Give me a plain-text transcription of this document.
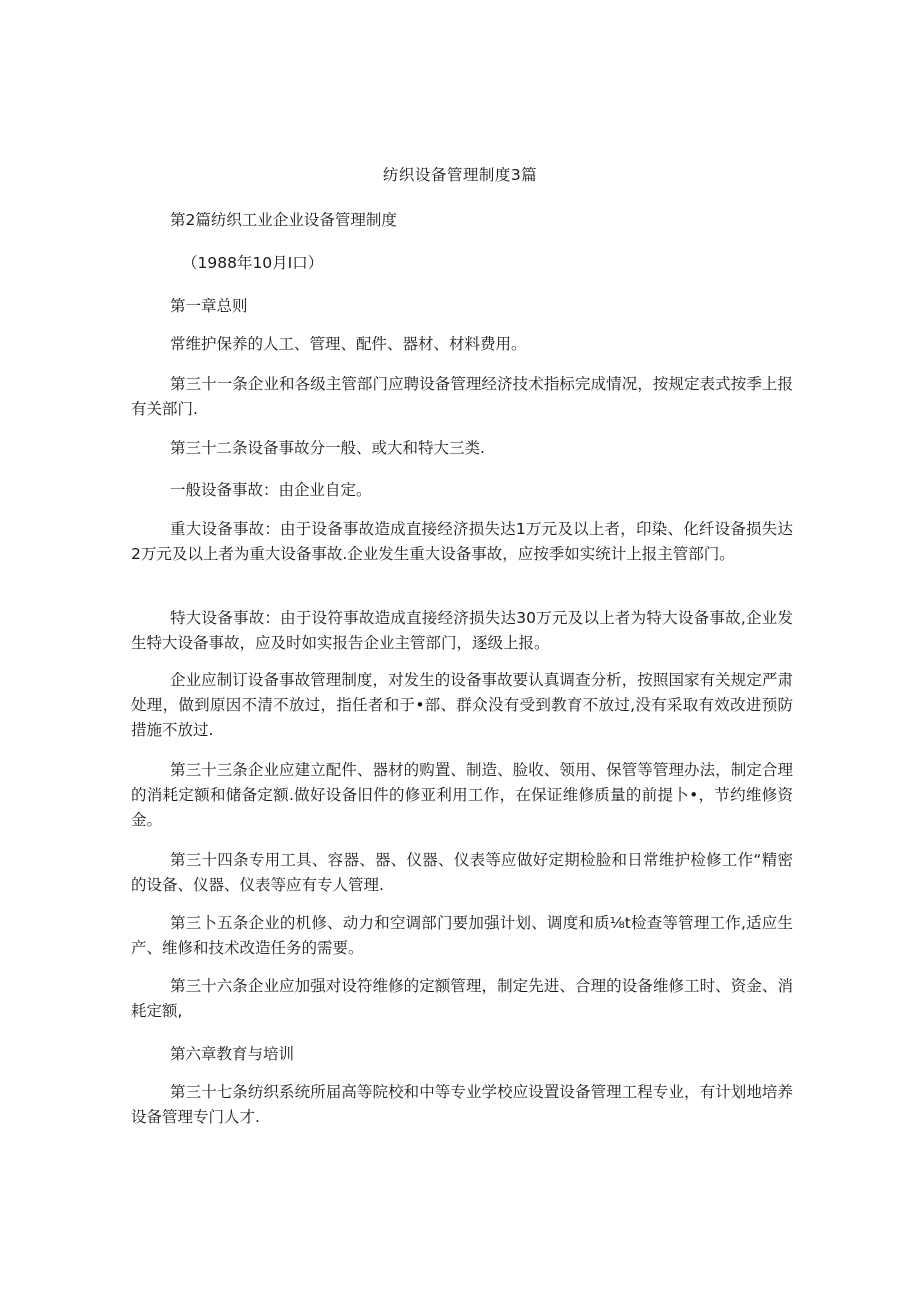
纺织设备管理制度3篇
第2篇纺织工业企业设备管理制度
（1988年10月I口）
第一章总则
常维护保养的人工、管理、配件、器材、材料费用。
第三十一条企业和各级主管部门应聘设备管理经济技术指标完成情况，按规定表式按季上报有关部门.
第三十二条设备事故分一般、或大和特大三类.
一般设备事故：由企业自定。
重大设备事故：由于设备事故造成直接经济损失达1万元及以上者，印染、化纤设备损失达2万元及以上者为重大设备事故.企业发生重大设备事故，应按季如实统计上报主管部门。
特大设备事故：由于设符事故造成直接经济损失达30万元及以上者为特大设备事故,企业发生特大设备事故，应及时如实报告企业主管部门，逐级上报。
企业应制订设备事故管理制度，对发生的设备事故要认真调查分析，按照国家有关规定严肃处理，做到原因不清不放过，指任者和于•部、群众没有受到教育不放过,没有采取有效改进预防措施不放过.
第三十三条企业应建立配件、器材的购置、制造、脸收、领用、保管等管理办法，制定合理的消耗定额和储备定额.做好设备旧件的修亚利用工作，在保证维修质量的前提卜•，节约维修资金。
第三十四条专用工具、容器、器、仪器、仪表等应做好定期检脸和日常维护检修工作“精密的设备、仪器、仪表等应有专人管理.
第三卜五条企业的机修、动力和空调部门要加强计划、调度和质⅛t检查等管理工作,适应生产、维修和技术改造任务的需要。
第三十六条企业应加强对设符维修的定额管理，制定先进、合理的设备维修工时、资金、消耗定额,
第六章教育与培训
第三十七条纺织系统所届高等院校和中等专业学校应设置设备管理工程专业，有计划地培养设备管理专门人才.
